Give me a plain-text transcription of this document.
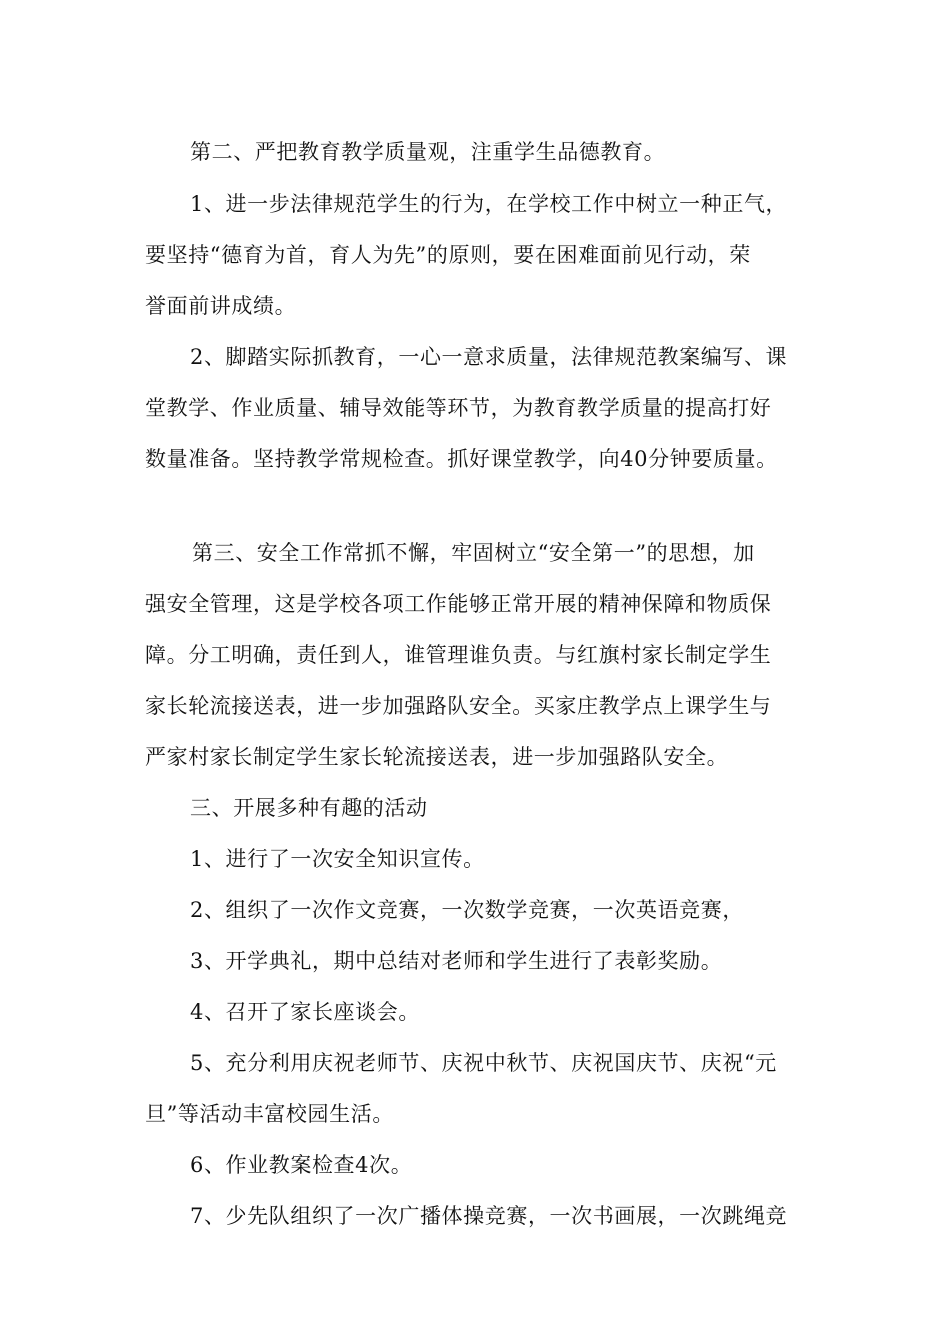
第二、严把教育教学质量观，注重学生品德教育。
1、进一步法律规范学生的行为，在学校工作中树立一种正气，
要坚持“德育为首，育人为先”的原则，要在困难面前见行动，荣
誉面前讲成绩。
2、脚踏实际抓教育，一心一意求质量，法律规范教案编写、课
堂教学、作业质量、辅导效能等环节，为教育教学质量的提高打好
数量准备。坚持教学常规检查。抓好课堂教学，向40分钟要质量。
第三、安全工作常抓不懈，牢固树立“安全第一”的思想，加
强安全管理，这是学校各项工作能够正常开展的精神保障和物质保
障。分工明确，责任到人，谁管理谁负责。与红旗村家长制定学生
家长轮流接送表，进一步加强路队安全。买家庄教学点上课学生与
严家村家长制定学生家长轮流接送表，进一步加强路队安全。
三、开展多种有趣的活动
1、进行了一次安全知识宣传。
2、组织了一次作文竞赛，一次数学竞赛，一次英语竞赛，
3、开学典礼，期中总结对老师和学生进行了表彰奖励。
4、召开了家长座谈会。
5、充分利用庆祝老师节、庆祝中秋节、庆祝国庆节、庆祝“元
旦”等活动丰富校园生活。
6、作业教案检查4次。
7、少先队组织了一次广播体操竞赛，一次书画展，一次跳绳竞
